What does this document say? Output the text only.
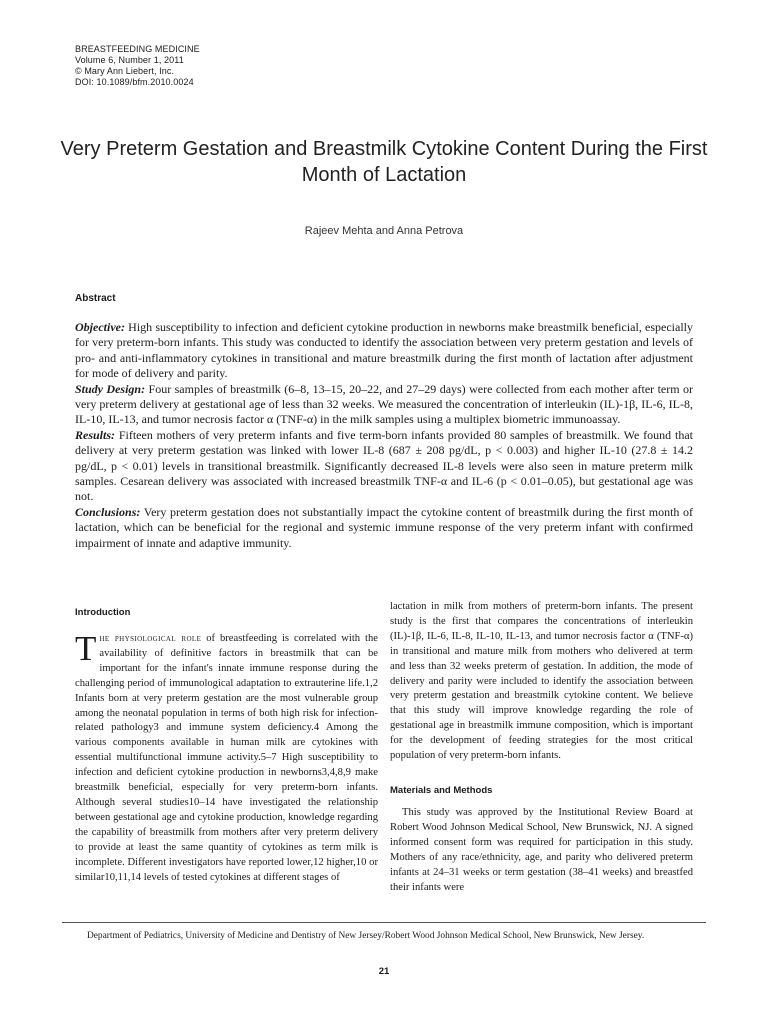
BREASTFEEDING MEDICINE
Volume 6, Number 1, 2011
© Mary Ann Liebert, Inc.
DOI: 10.1089/bfm.2010.0024
Very Preterm Gestation and Breastmilk Cytokine Content During the First Month of Lactation
Rajeev Mehta and Anna Petrova
Abstract

Objective: High susceptibility to infection and deficient cytokine production in newborns make breastmilk beneficial, especially for very preterm-born infants. This study was conducted to identify the association between very preterm gestation and levels of pro- and anti-inflammatory cytokines in transitional and mature breastmilk during the first month of lactation after adjustment for mode of delivery and parity.

Study Design: Four samples of breastmilk (6–8, 13–15, 20–22, and 27–29 days) were collected from each mother after term or very preterm delivery at gestational age of less than 32 weeks. We measured the concentration of interleukin (IL)-1β, IL-6, IL-8, IL-10, IL-13, and tumor necrosis factor α (TNF-α) in the milk samples using a multiplex biometric immunoassay.

Results: Fifteen mothers of very preterm infants and five term-born infants provided 80 samples of breastmilk. We found that delivery at very preterm gestation was linked with lower IL-8 (687 ± 208 pg/dL, p < 0.003) and higher IL-10 (27.8 ± 14.2 pg/dL, p < 0.01) levels in transitional breastmilk. Significantly decreased IL-8 levels were also seen in mature preterm milk samples. Cesarean delivery was associated with increased breastmilk TNF-α and IL-6 (p < 0.01–0.05), but gestational age was not.

Conclusions: Very preterm gestation does not substantially impact the cytokine content of breastmilk during the first month of lactation, which can be beneficial for the regional and systemic immune response of the very preterm infant with confirmed impairment of innate and adaptive immunity.

Introduction

The physiological role of breastfeeding is correlated with the availability of definitive factors in breastmilk that can be important for the infant's innate immune response during the challenging period of immunological adaptation to extrauterine life.1,2 Infants born at very preterm gestation are the most vulnerable group among the neonatal population in terms of both high risk for infection-related pathology3 and immune system deficiency.4 Among the various components available in human milk are cytokines with essential multifunctional immune activity.5–7 High susceptibility to infection and deficient cytokine production in newborns3,4,8,9 make breastmilk beneficial, especially for very preterm-born infants. Although several studies10–14 have investigated the relationship between gestational age and cytokine production, knowledge regarding the capability of breastmilk from mothers after very preterm delivery to provide at least the same quantity of cytokines as term milk is incomplete. Different investigators have reported lower,12 higher,10 or similar10,11,14 levels of tested cytokines at different stages of

lactation in milk from mothers of preterm-born infants. The present study is the first that compares the concentrations of interleukin (IL)-1β, IL-6, IL-8, IL-10, IL-13, and tumor necrosis factor α (TNF-α) in transitional and mature milk from mothers who delivered at term and less than 32 weeks preterm of gestation. In addition, the mode of delivery and parity were included to identify the association between very preterm gestation and breastmilk cytokine content. We believe that this study will improve knowledge regarding the role of gestational age in breastmilk immune composition, which is important for the development of feeding strategies for the most critical population of very preterm-born infants.

Materials and Methods

This study was approved by the Institutional Review Board at Robert Wood Johnson Medical School, New Brunswick, NJ. A signed informed consent form was required for participation in this study. Mothers of any race/ethnicity, age, and parity who delivered preterm infants at 24–31 weeks or term gestation (38–41 weeks) and breastfed their infants were

Department of Pediatrics, University of Medicine and Dentistry of New Jersey/Robert Wood Johnson Medical School, New Brunswick, New Jersey.
21
